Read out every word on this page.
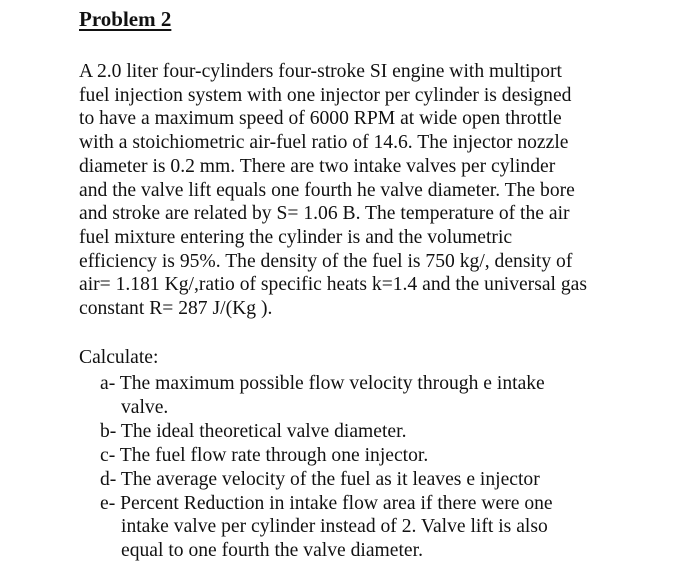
Problem 2
A 2.0 liter four-cylinders four-stroke SI engine with multiport
fuel injection system with one injector per cylinder is designed
to have a maximum speed of 6000 RPM at wide open throttle
with a stoichiometric air-fuel ratio of 14.6. The injector nozzle
diameter is 0.2 mm. There are two intake valves per cylinder
and the valve lift equals one fourth he valve diameter. The bore
and stroke are related by S= 1.06 B. The temperature of the air
fuel mixture entering the cylinder is and the volumetric
efficiency is 95%. The density of the fuel is 750 kg/, density of
air= 1.181 Kg/,ratio of specific heats k=1.4 and the universal gas
constant R= 287 J/(Kg ).
Calculate:
a- The maximum possible flow velocity through e intake
valve.
b- The ideal theoretical valve diameter.
c- The fuel flow rate through one injector.
d- The average velocity of the fuel as it leaves e injector
e- Percent Reduction in intake flow area if there were one
intake valve per cylinder instead of 2. Valve lift is also
equal to one fourth the valve diameter.
